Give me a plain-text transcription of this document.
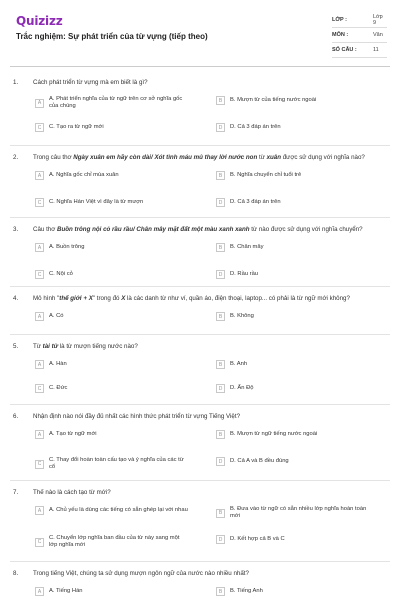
Quizizz
Trắc nghiệm: Sự phát triển của từ vựng (tiếp theo)
LỚP :	Lớp 9
MÔN :	Văn
SỐ CÂU :	11
1. Cách phát triển từ vựng mà em biết là gì?
A
A. Phát triển nghĩa của từ ngữ trên cơ sở nghĩa gốc của chúng
B	B. Mượn từ của tiếng nước ngoài
C	C. Tạo ra từ ngữ mới	D	D. Cả 3 đáp án trên
2. Trong câu thơ Ngày xuân em hãy còn dài/ Xót tình máu mủ thay lời nước non từ xuân được sử dụng với nghĩa nào?
A	A. Nghĩa gốc chỉ mùa xuân	B	B. Nghĩa chuyển chỉ tuổi trẻ
C	C. Nghĩa Hán Việt vì đây là từ mượn	D	D. Cả 3 đáp án trên
3. Câu thơ Buồn trông nội cỏ rầu rầu/ Chân mây mặt đất một màu xanh xanh từ nào được sử dụng với nghĩa chuyển?
A	A. Buồn trông	B	B. Chân mây
C	C. Nội cỏ	D	D. Rầu rầu
4. Mô hình "thế giới + X" trong đó X là các danh từ như ví, quần áo, điện thoại, laptop... có phải là từ ngữ mới không?
A	A. Có	B	B. Không
5. Từ tài tử là từ mượn tiếng nước nào?
A	A. Hàn	B	B. Anh
C	C. Đức	D	D. Ấn Độ
6. Nhận định nào nói đầy đủ nhất các hình thức phát triển từ vựng Tiếng Việt?
A	A. Tạo từ ngữ mới	B	B. Mượn từ ngữ tiếng nước ngoài
C
C. Thay đổi hoàn toàn cấu tạo và ý nghĩa của các từ cổ
D	D. Cả A và B đều đúng
7. Thế nào là cách tạo từ mới?
A	A. Chủ yếu là dùng các tiếng có sẵn ghép lại với nhau
B
B. Đưa vào từ ngữ có sẵn nhiều lớp nghĩa hoàn toàn mới
C
C. Chuyển lớp nghĩa ban đầu của từ này sang một lớp nghĩa mới
D	D. Kết hợp cả B và C
8. Trong tiếng Việt, chúng ta sử dụng mượn ngôn ngữ của nước nào nhiều nhất?
A	A. Tiếng Hán	B	B. Tiếng Anh
